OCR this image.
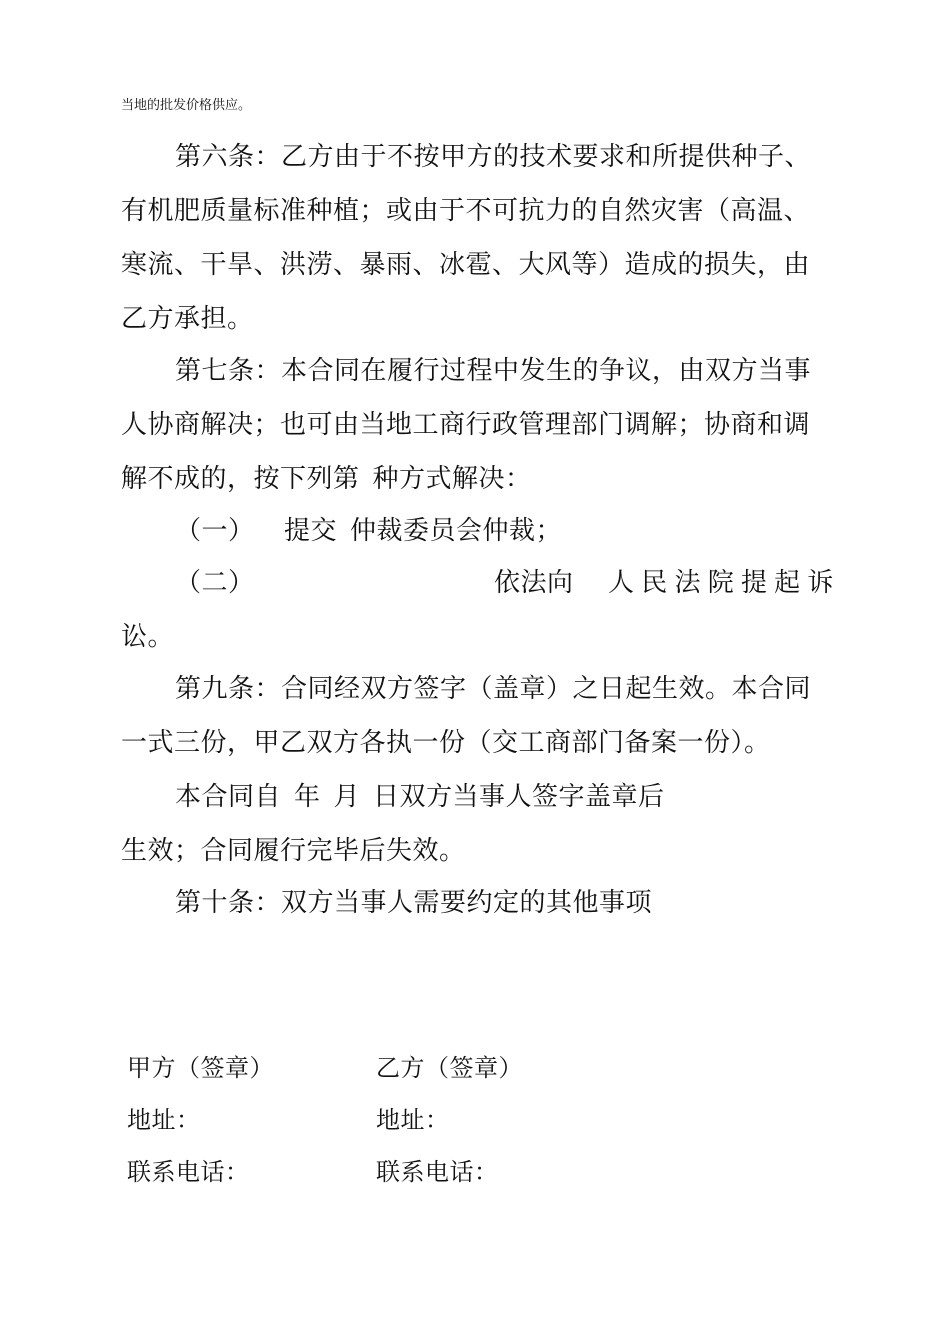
当地的批发价格供应。
第六条：乙方由于不按甲方的技术要求和所提供种子、
有机肥质量标准种植；或由于不可抗力的自然灾害（高温、
寒流、干旱、洪涝、暴雨、冰雹、大风等）造成的损失，由
乙方承担。
第七条：本合同在履行过程中发生的争议，由双方当事
人协商解决；也可由当地工商行政管理部门调解；协商和调
解不成的，按下列第 种方式解决：
（一） 提交 仲裁委员会仲裁；
（二）	依法向 人 民 法 院 提 起 诉
讼。
第九条：合同经双方签字（盖章）之日起生效。本合同
一式三份，甲乙双方各执一份（交工商部门备案一份）。
本合同自 年 月 日双方当事人签字盖章后
生效；合同履行完毕后失效。
第十条：双方当事人需要约定的其他事项
甲方（签章）	乙方（签章）
地址：	地址：
联系电话：	联系电话：
